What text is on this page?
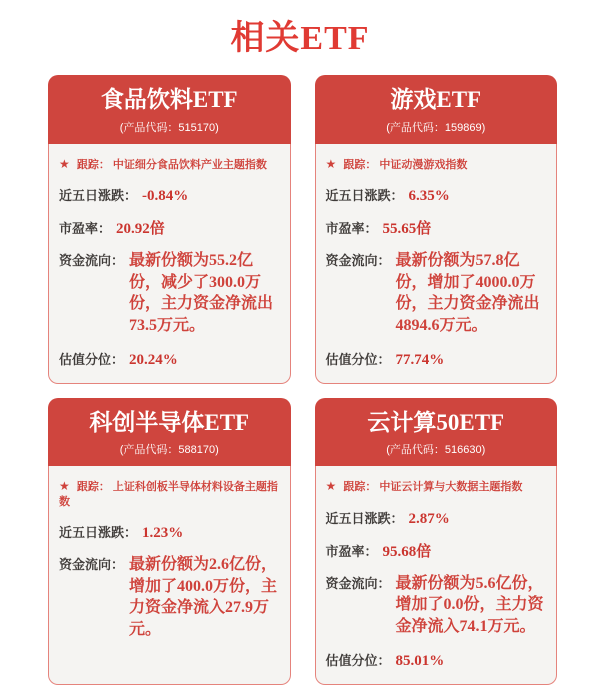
相关ETF
食品饮料ETF
(产品代码：515170)
★ 跟踪： 中证细分食品饮料产业主题指数
近五日涨跌： -0.84%
市盈率： 20.92倍
资金流向： 最新份额为55.2亿份，减少了300.0万份，主力资金净流出73.5万元。
估值分位： 20.24%
游戏ETF
(产品代码：159869)
★ 跟踪： 中证动漫游戏指数
近五日涨跌： 6.35%
市盈率： 55.65倍
资金流向： 最新份额为57.8亿份，增加了4000.0万份，主力资金净流出4894.6万元。
估值分位： 77.74%
科创半导体ETF
(产品代码：588170)
★ 跟踪： 上证科创板半导体材料设备主题指数
近五日涨跌： 1.23%
资金流向： 最新份额为2.6亿份，增加了400.0万份，主力资金净流入27.9万元。
云计算50ETF
(产品代码：516630)
★ 跟踪： 中证云计算与大数据主题指数
近五日涨跌： 2.87%
市盈率： 95.68倍
资金流向： 最新份额为5.6亿份，增加了0.0份，主力资金净流入74.1万元。
估值分位： 85.01%
